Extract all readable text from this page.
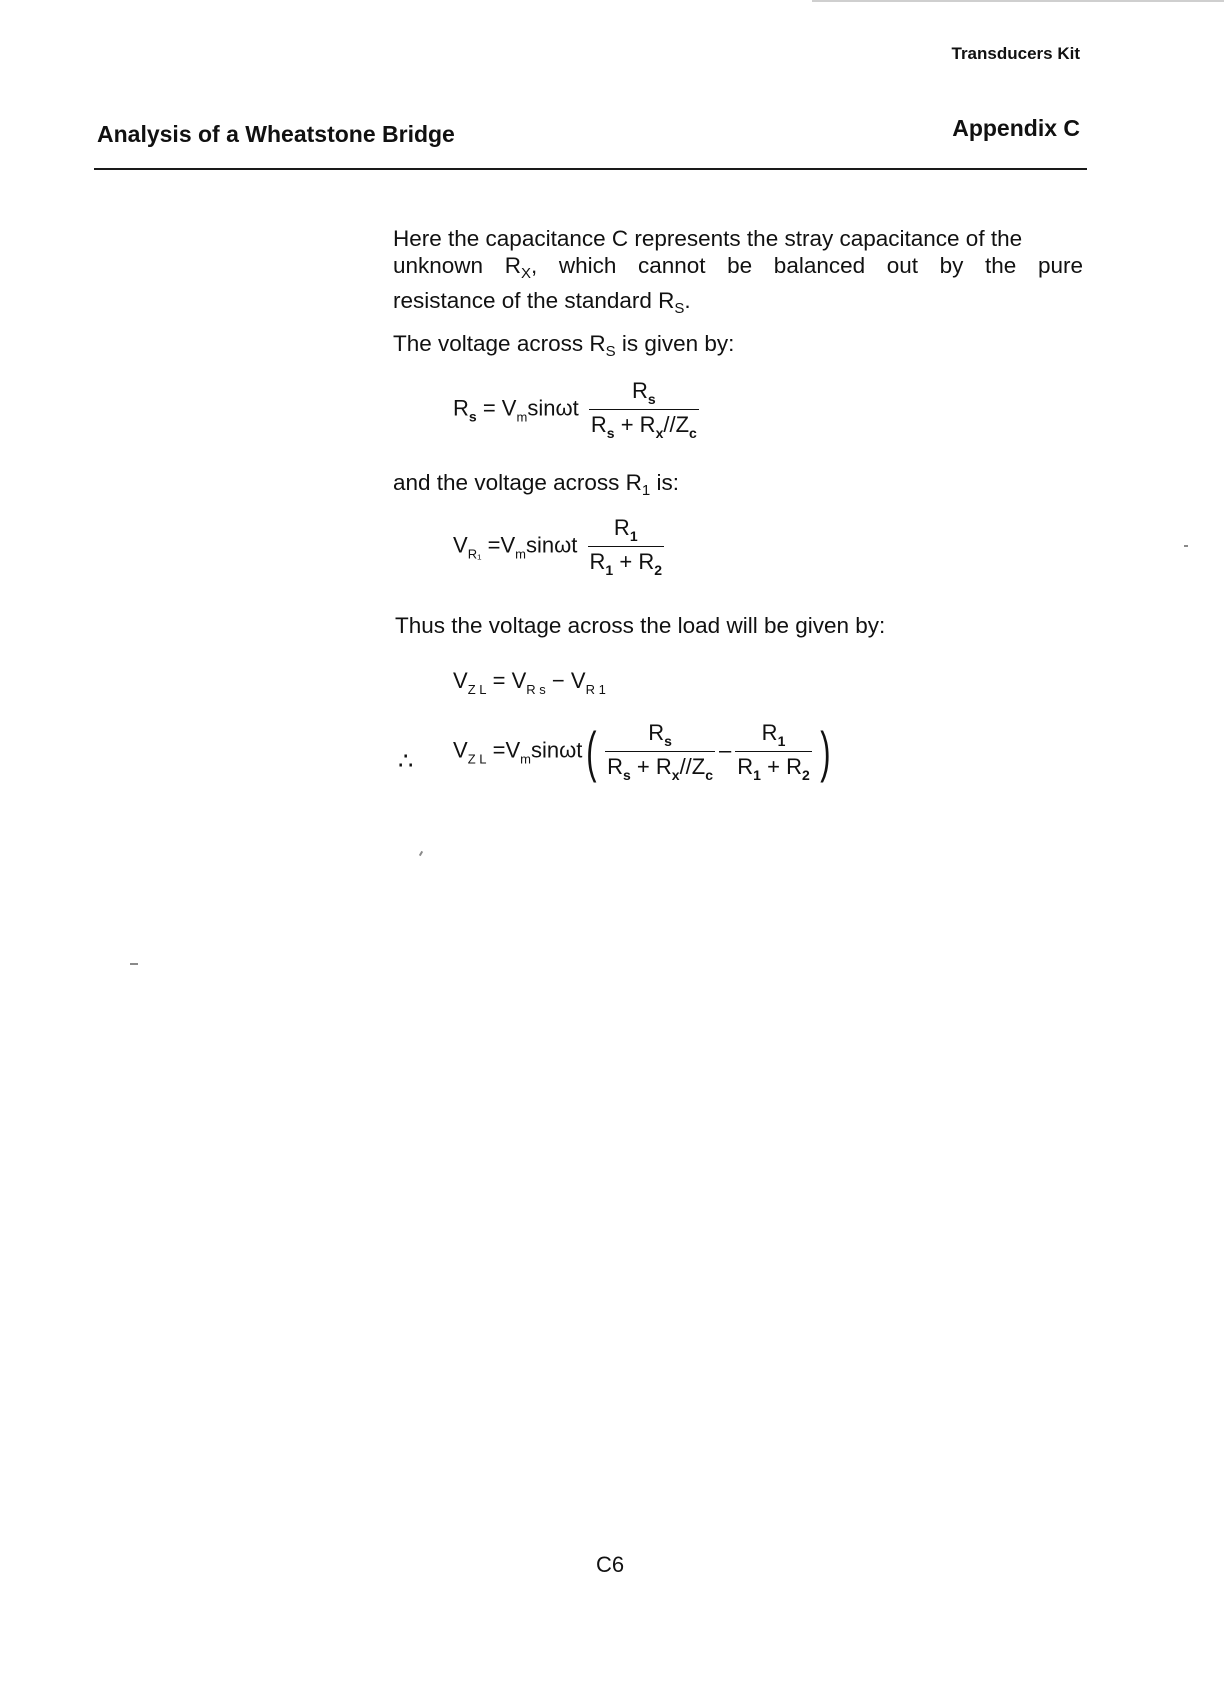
Transducers Kit
Analysis of a Wheatstone Bridge	Appendix C
Here the capacitance C represents the stray capacitance of the
unknown $R_X$, which cannot be balanced out by the pure
resistance of the standard $R_S$.
The voltage across $R_S$ is given by:
$R_s = V_m\sin\omega t \frac{R_s}{R_s + R_x//Z_c}$
and the voltage across $R_1$ is:
$V_{R_1} =V_m\sin\omega t \frac{R_1}{R_1 + R_2}$
Thus the voltage across the load will be given by:
$V_{Z L} = V_{R s} - V_{R 1}$
∴ $V_{Z L} =V_m\sin\omega t( \frac{R_s}{R_s + R_x//Z_c} - \frac{R_1}{R_1 + R_2}$ )
C6
